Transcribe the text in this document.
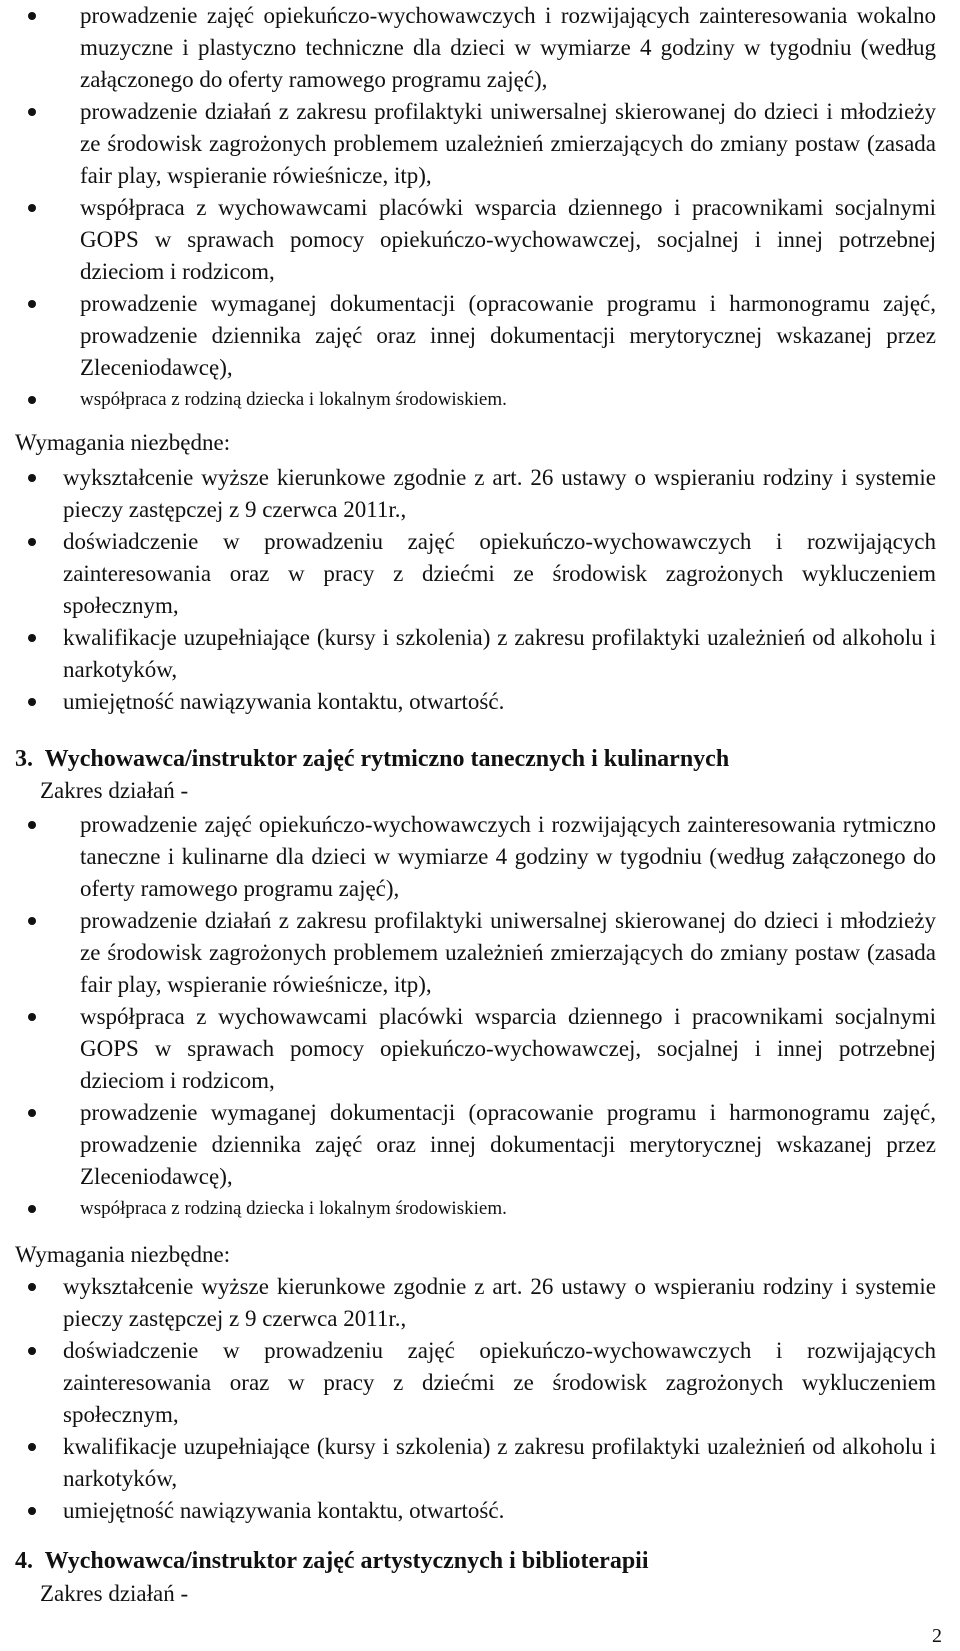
prowadzenie zajęć opiekuńczo-wychowawczych i rozwijających zainteresowania wokalno muzyczne i plastyczno techniczne dla dzieci w wymiarze 4 godziny w tygodniu (według załączonego do oferty ramowego programu zajęć),
prowadzenie działań z zakresu profilaktyki uniwersalnej skierowanej do dzieci i młodzieży ze środowisk zagrożonych problemem uzależnień zmierzających do zmiany postaw (zasada fair play, wspieranie rówieśnicze, itp),
współpraca z wychowawcami placówki wsparcia dziennego i pracownikami socjalnymi GOPS w sprawach pomocy opiekuńczo-wychowawczej, socjalnej i innej potrzebnej dzieciom i rodzicom,
prowadzenie wymaganej dokumentacji (opracowanie programu i harmonogramu zajęć, prowadzenie dziennika zajęć oraz innej dokumentacji merytorycznej wskazanej przez Zleceniodawcę),
współpraca z rodziną dziecka i lokalnym środowiskiem.
Wymagania niezbędne:
wykształcenie wyższe kierunkowe zgodnie z art. 26 ustawy o wspieraniu rodziny i systemie pieczy zastępczej z 9 czerwca 2011r.,
doświadczenie w prowadzeniu zajęć opiekuńczo-wychowawczych i rozwijających zainteresowania oraz w pracy z dziećmi ze środowisk zagrożonych wykluczeniem społecznym,
kwalifikacje uzupełniające (kursy i szkolenia) z zakresu profilaktyki uzależnień od alkoholu i narkotyków,
umiejętność nawiązywania kontaktu, otwartość.
3. Wychowawca/instruktor zajęć rytmiczno tanecznych i kulinarnych
Zakres działań -
prowadzenie zajęć opiekuńczo-wychowawczych i rozwijających zainteresowania rytmiczno taneczne i kulinarne dla dzieci w wymiarze 4 godziny w tygodniu (według załączonego do oferty ramowego programu zajęć),
prowadzenie działań z zakresu profilaktyki uniwersalnej skierowanej do dzieci i młodzieży ze środowisk zagrożonych problemem uzależnień zmierzających do zmiany postaw (zasada fair play, wspieranie rówieśnicze, itp),
współpraca z wychowawcami placówki wsparcia dziennego i pracownikami socjalnymi GOPS w sprawach pomocy opiekuńczo-wychowawczej, socjalnej i innej potrzebnej dzieciom i rodzicom,
prowadzenie wymaganej dokumentacji (opracowanie programu i harmonogramu zajęć, prowadzenie dziennika zajęć oraz innej dokumentacji merytorycznej wskazanej przez Zleceniodawcę),
współpraca z rodziną dziecka i lokalnym środowiskiem.
Wymagania niezbędne:
wykształcenie wyższe kierunkowe zgodnie z art. 26 ustawy o wspieraniu rodziny i systemie pieczy zastępczej z 9 czerwca 2011r.,
doświadczenie w prowadzeniu zajęć opiekuńczo-wychowawczych i rozwijających zainteresowania oraz w pracy z dziećmi ze środowisk zagrożonych wykluczeniem społecznym,
kwalifikacje uzupełniające (kursy i szkolenia) z zakresu profilaktyki uzależnień od alkoholu i narkotyków,
umiejętność nawiązywania kontaktu, otwartość.
4. Wychowawca/instruktor zajęć artystycznych i biblioterapii
Zakres działań -
2
